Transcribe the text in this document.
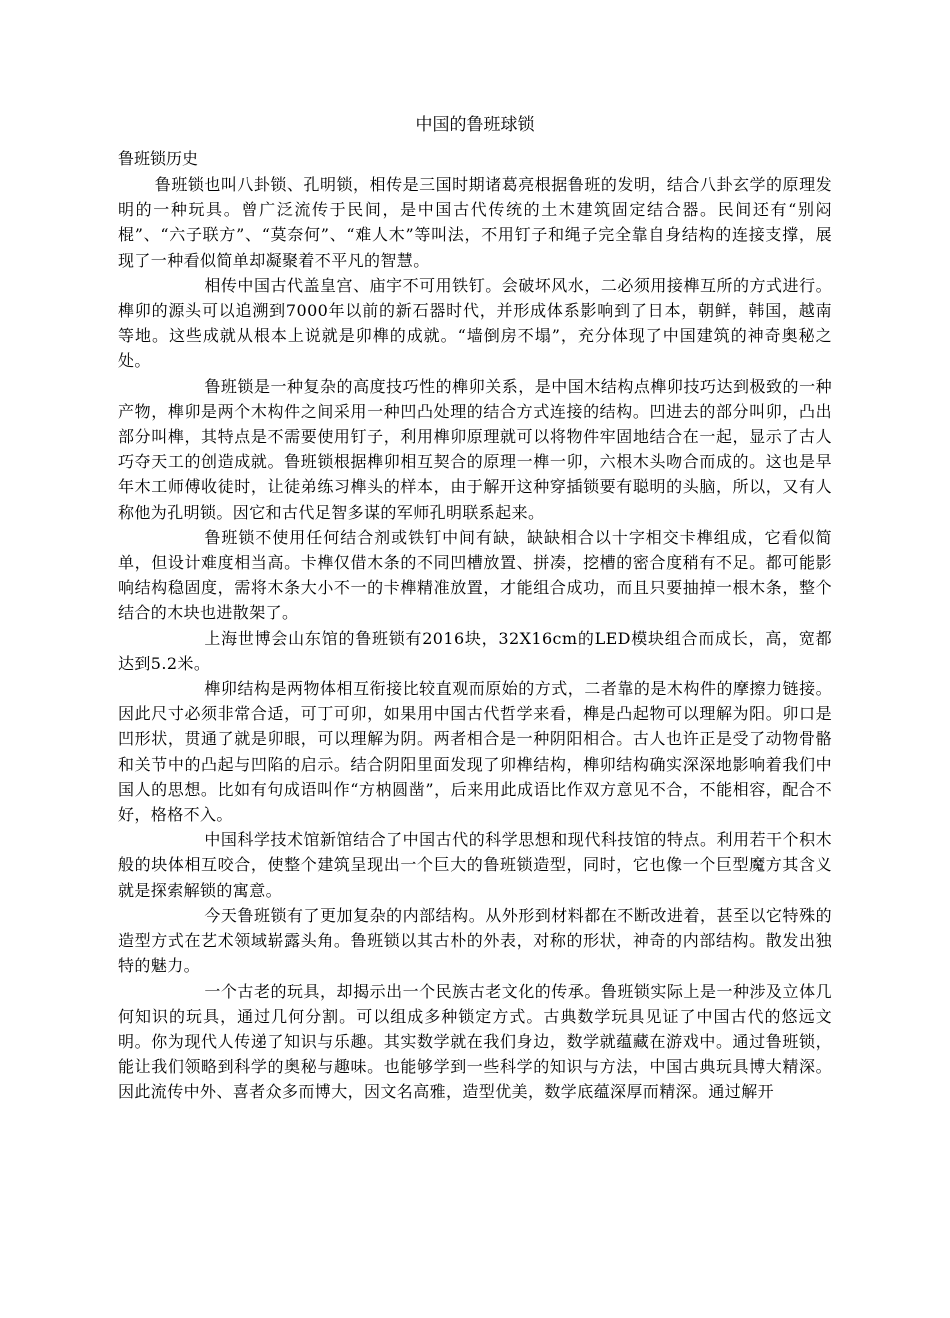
中国的鲁班球锁
鲁班锁历史

鲁班锁也叫八卦锁、孔明锁，相传是三国时期诸葛亮根据鲁班的发明，结合八卦玄学的原理发明的一种玩具。曾广泛流传于民间，是中国古代传统的土木建筑固定结合器。民间还有“别闷棍”、“六子联方”、“莫奈何”、“难人木”等叫法，不用钉子和绳子完全靠自身结构的连接支撑，展现了一种看似简单却凝聚着不平凡的智慧。

相传中国古代盖皇宫、庙宇不可用铁钉。会破坏风水，二必须用接榫互所的方式进行。榫卯的源头可以追溯到7000年以前的新石器时代，并形成体系影响到了日本，朝鲜，韩国，越南等地。这些成就从根本上说就是卯榫的成就。“墙倒房不塌”，充分体现了中国建筑的神奇奥秘之处。

鲁班锁是一种复杂的高度技巧性的榫卯关系，是中国木结构点榫卯技巧达到极致的一种产物，榫卯是两个木构件之间采用一种凹凸处理的结合方式连接的结构。凹进去的部分叫卯，凸出部分叫榫，其特点是不需要使用钉子，利用榫卯原理就可以将物件牢固地结合在一起，显示了古人巧夺天工的创造成就。鲁班锁根据榫卯相互契合的原理一榫一卯，六根木头吻合而成的。这也是早年木工师傅收徒时，让徒弟练习榫头的样本，由于解开这种穿插锁要有聪明的头脑，所以，又有人称他为孔明锁。因它和古代足智多谋的军师孔明联系起来。

鲁班锁不使用任何结合剂或铁钉中间有缺，缺缺相合以十字相交卡榫组成，它看似简单，但设计难度相当高。卡榫仅借木条的不同凹槽放置、拼凑，挖槽的密合度稍有不足。都可能影响结构稳固度，需将木条大小不一的卡榫精准放置，才能组合成功，而且只要抽掉一根木条，整个结合的木块也进散架了。

上海世博会山东馆的鲁班锁有2016块，32X16cm的LED模块组合而成长，高，宽都达到5.2米。

榫卯结构是两物体相互衔接比较直观而原始的方式，二者靠的是木构件的摩擦力链接。因此尺寸必须非常合适，可丁可卯，如果用中国古代哲学来看，榫是凸起物可以理解为阳。卯口是凹形状，贯通了就是卯眼，可以理解为阴。两者相合是一种阴阳相合。古人也许正是受了动物骨骼和关节中的凸起与凹陷的启示。结合阴阳里面发现了卯榫结构，榫卯结构确实深深地影响着我们中国人的思想。比如有句成语叫作“方枘圆凿”，后来用此成语比作双方意见不合，不能相容，配合不好，格格不入。

中国科学技术馆新馆结合了中国古代的科学思想和现代科技馆的特点。利用若干个积木般的块体相互咬合，使整个建筑呈现出一个巨大的鲁班锁造型，同时，它也像一个巨型魔方其含义就是探索解锁的寓意。

今天鲁班锁有了更加复杂的内部结构。从外形到材料都在不断改进着，甚至以它特殊的造型方式在艺术领域崭露头角。鲁班锁以其古朴的外表，对称的形状，神奇的内部结构。散发出独特的魅力。

一个古老的玩具，却揭示出一个民族古老文化的传承。鲁班锁实际上是一种涉及立体几何知识的玩具，通过几何分割。可以组成多种锁定方式。古典数学玩具见证了中国古代的悠远文明。你为现代人传递了知识与乐趣。其实数学就在我们身边，数学就蕴藏在游戏中。通过鲁班锁，能让我们领略到科学的奥秘与趣味。也能够学到一些科学的知识与方法，中国古典玩具博大精深。因此流传中外、喜者众多而博大，因文名高雅，造型优美，数学底蕴深厚而精深。通过解开
